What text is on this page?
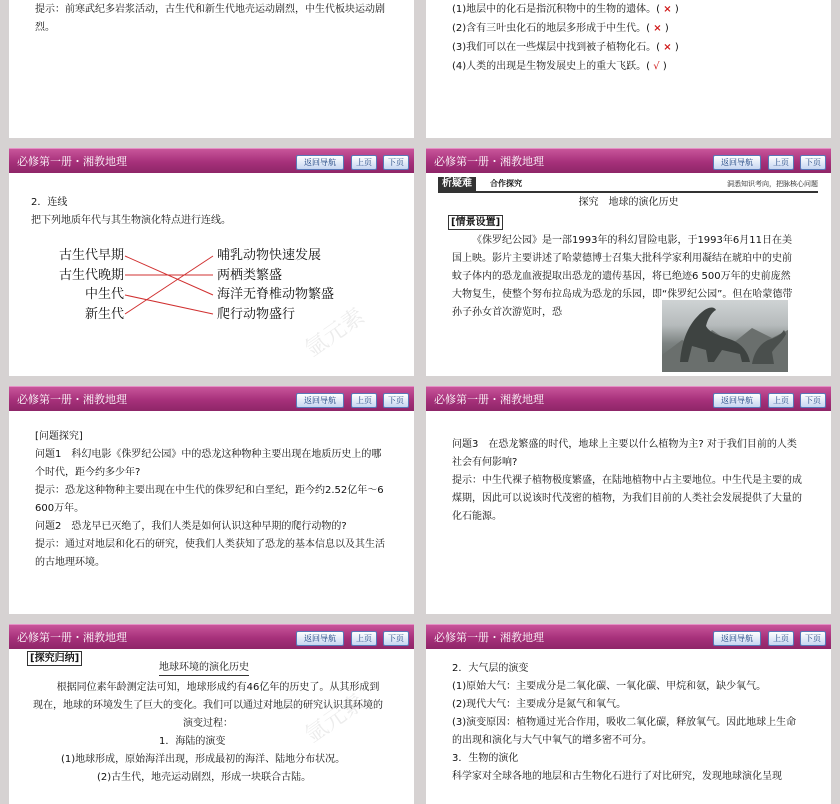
提示：前寒武纪多岩浆活动，古生代和新生代地壳运动剧烈，中生代板块运动剧烈。
(1)地层中的化石是指沉积物中的生物的遗体。( × )
(2)含有三叶虫化石的地层多形成于中生代。( × )
(3)我们可以在一些煤层中找到被子植物化石。( × )
(4)人类的出现是生物发展史上的重大飞跃。( √ )
必修第一册・湘教地理	返回导航	上页	下页
2．连线
把下列地质年代与其生物演化特点进行连线。
古生代早期
古生代晚期
中生代
新生代
哺乳动物快速发展
两栖类繁盛
海洋无脊椎动物繁盛
爬行动物盛行 氩元素
必修第一册・湘教地理	返回导航	上页	下页
析疑难	合作探究	洞悉知识考向，把脉核心问题
探究　地球的演化历史
[情景设置]
《侏罗纪公园》是一部1993年的科幻冒险电影，于1993年6月11日在美国上映。影片主要讲述了哈蒙德博士召集大批科学家利用凝结在琥珀中的史前蚊子体内的恐龙血液提取出恐龙的遗传基因，将已绝迹6 500万年的史前庞然大物复生，使整个努布拉岛成为恐龙的乐园，即“侏罗纪公园”。但在哈蒙德带孙子孙女首次游览时，恐
必修第一册・湘教地理	返回导航	上页	下页
[问题探究]
问题1　科幻电影《侏罗纪公园》中的恐龙这种物种主要出现在地质历史上的哪个时代，距今约多少年?
提示：恐龙这种物种主要出现在中生代的侏罗纪和白垩纪，距今约2.52亿年～6 600万年。
问题2　恐龙早已灭绝了，我们人类是如何认识这种早期的爬行动物的?
提示：通过对地层和化石的研究，使我们人类获知了恐龙的基本信息以及其生活的古地理环境。
必修第一册・湘教地理	返回导航	上页	下页
问题3　在恐龙繁盛的时代，地球上主要以什么植物为主? 对于我们目前的人类社会有何影响?
提示：中生代裸子植物极度繁盛，在陆地植物中占主要地位。中生代是主要的成煤期，因此可以说该时代茂密的植物，为我们目前的人类社会发展提供了大量的化石能源。
必修第一册・湘教地理	返回导航	上页	下页
[探究归纳]
地球环境的演化历史
根据同位素年龄测定法可知，地球形成约有46亿年的历史了。从其形成到现在，地球的环境发生了巨大的变化。我们可以通过对地层的研究认识其环境的演变过程：
1．海陆的演变
(1)地球形成，原始海洋出现，形成最初的海洋、陆地分布状况。
(2)古生代，地壳运动剧烈，形成一块联合古陆。
氩元素
必修第一册・湘教地理	返回导航	上页	下页
2．大气层的演变
(1)原始大气：主要成分是二氧化碳、一氧化碳、甲烷和氨，缺少氧气。
(2)现代大气：主要成分是氮气和氧气。
(3)演变原因：植物通过光合作用，吸收二氧化碳，释放氧气。因此地球上生命的出现和演化与大气中氧气的增多密不可分。
3．生物的演化
科学家对全球各地的地层和古生物化石进行了对比研究，发现地球演化呈现
